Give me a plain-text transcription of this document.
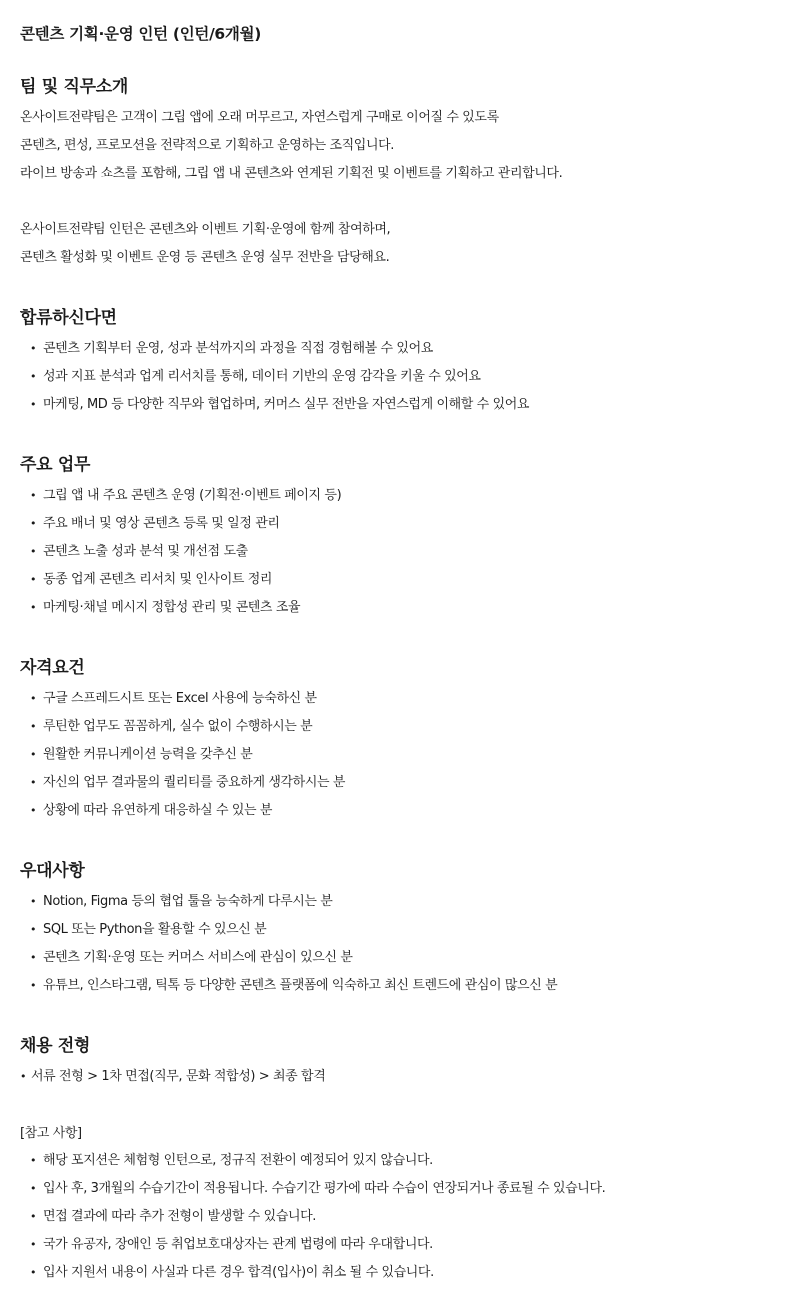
콘텐츠 기획·운영 인턴 (인턴/6개월)
팀 및 직무소개

온사이트전략팀은 고객이 그립 앱에 오래 머무르고, 자연스럽게 구매로 이어질 수 있도록

콘텐츠, 편성, 프로모션을 전략적으로 기획하고 운영하는 조직입니다.

라이브 방송과 쇼츠를 포함해, 그립 앱 내 콘텐츠와 연계된 기획전 및 이벤트를 기획하고 관리합니다.

온사이트전략팀 인턴은 콘텐츠와 이벤트 기획·운영에 함께 참여하며,

콘텐츠 활성화 및 이벤트 운영 등 콘텐츠 운영 실무 전반을 담당해요.

합류하신다면
• 콘텐츠 기획부터 운영, 성과 분석까지의 과정을 직접 경험해볼 수 있어요
• 성과 지표 분석과 업계 리서치를 통해, 데이터 기반의 운영 감각을 키울 수 있어요
• 마케팅, MD 등 다양한 직무와 협업하며, 커머스 실무 전반을 자연스럽게 이해할 수 있어요
주요 업무
• 그립 앱 내 주요 콘텐츠 운영 (기획전·이벤트 페이지 등)
• 주요 배너 및 영상 콘텐츠 등록 및 일정 관리
• 콘텐츠 노출 성과 분석 및 개선점 도출
• 동종 업계 콘텐츠 리서치 및 인사이트 정리
• 마케팅·채널 메시지 정합성 관리 및 콘텐츠 조율
자격요건
• 구글 스프레드시트 또는 Excel 사용에 능숙하신 분
• 루틴한 업무도 꼼꼼하게, 실수 없이 수행하시는 분
• 원활한 커뮤니케이션 능력을 갖추신 분
• 자신의 업무 결과물의 퀄리티를 중요하게 생각하시는 분
• 상황에 따라 유연하게 대응하실 수 있는 분
우대사항
• Notion, Figma 등의 협업 툴을 능숙하게 다루시는 분
• SQL 또는 Python을 활용할 수 있으신 분
• 콘텐츠 기획·운영 또는 커머스 서비스에 관심이 있으신 분
• 유튜브, 인스타그램, 틱톡 등 다양한 콘텐츠 플랫폼에 익숙하고 최신 트렌드에 관심이 많으신 분
채용 전형
• 서류 전형 > 1차 면접(직무, 문화 적합성) > 최종 합격

[참고 사항]

• 해당 포지션은 체험형 인턴으로, 정규직 전환이 예정되어 있지 않습니다.
• 입사 후, 3개월의 수습기간이 적용됩니다. 수습기간 평가에 따라 수습이 연장되거나 종료될 수 있습니다.
• 면접 결과에 따라 추가 전형이 발생할 수 있습니다.
• 국가 유공자, 장애인 등 취업보호대상자는 관계 법령에 따라 우대합니다.
• 입사 지원서 내용이 사실과 다른 경우 합격(입사)이 취소 될 수 있습니다.
